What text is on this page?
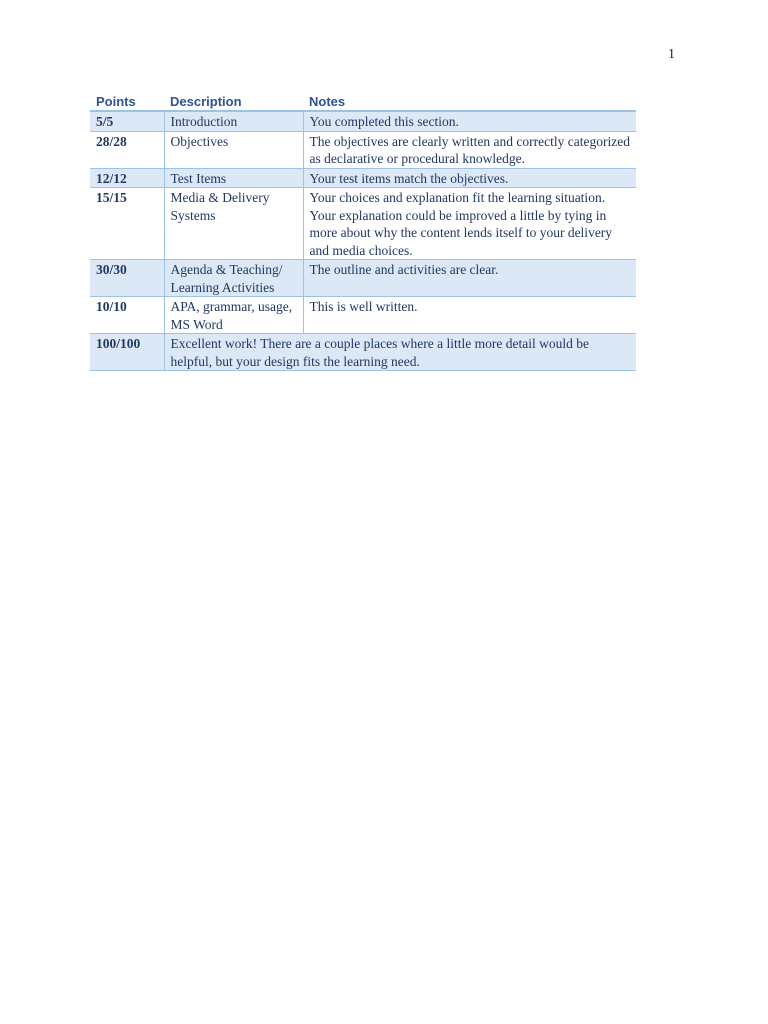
1
Points	Description	Notes
5/5	Introduction	You completed this section.
28/28	Objectives	The objectives are clearly written and correctly categorized as declarative or procedural knowledge.
12/12	Test Items	Your test items match the objectives.
15/15	Media & Delivery Systems	Your choices and explanation fit the learning situation. Your explanation could be improved a little by tying in more about why the content lends itself to your delivery and media choices.
30/30	Agenda & Teaching/ Learning Activities	The outline and activities are clear.
10/10	APA, grammar, usage, MS Word	This is well written.
100/100	Excellent work! There are a couple places where a little more detail would be helpful, but your design fits the learning need.	
